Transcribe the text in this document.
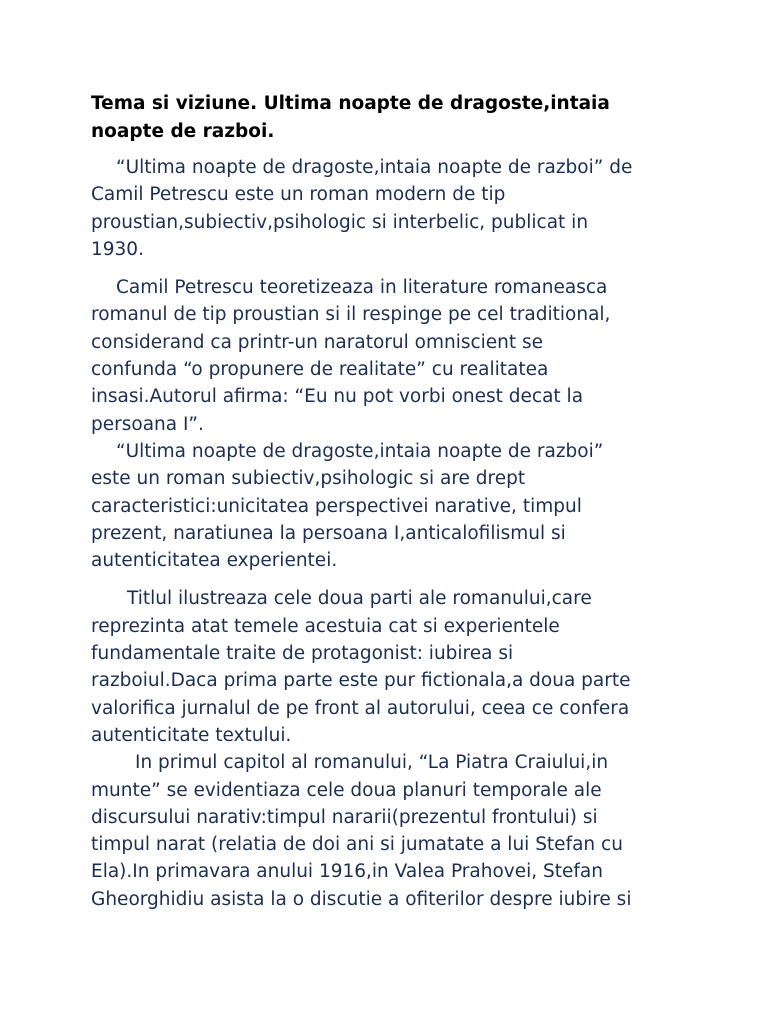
Tema si viziune. Ultima noapte de dragoste,intaia
noapte de razboi.

“Ultima noapte de dragoste,intaia noapte de razboi” de
Camil Petrescu este un roman modern de tip
proustian,subiectiv,psihologic si interbelic, publicat in
1930.

Camil Petrescu teoretizeaza in literature romaneasca
romanul de tip proustian si il respinge pe cel traditional,
considerand ca printr-un naratorul omniscient se
confunda “o propunere de realitate” cu realitatea
insasi.Autorul afirma: “Eu nu pot vorbi onest decat la
persoana I”.

“Ultima noapte de dragoste,intaia noapte de razboi”
este un roman subiectiv,psihologic si are drept
caracteristici:unicitatea perspectivei narative, timpul
prezent, naratiunea la persoana I,anticalofilismul si
autenticitatea experientei.

Titlul ilustreaza cele doua parti ale romanului,care
reprezinta atat temele acestuia cat si experientele
fundamentale traite de protagonist: iubirea si
razboiul.Daca prima parte este pur fictionala,a doua parte
valorifica jurnalul de pe front al autorului, ceea ce confera
autenticitate textului.

In primul capitol al romanului, “La Piatra Craiului,in
munte” se evidentiaza cele doua planuri temporale ale
discursului narativ:timpul nararii(prezentul frontului) si
timpul narat (relatia de doi ani si jumatate a lui Stefan cu
Ela).In primavara anului 1916,in Valea Prahovei, Stefan
Gheorghidiu asista la o discutie a ofiterilor despre iubire si
